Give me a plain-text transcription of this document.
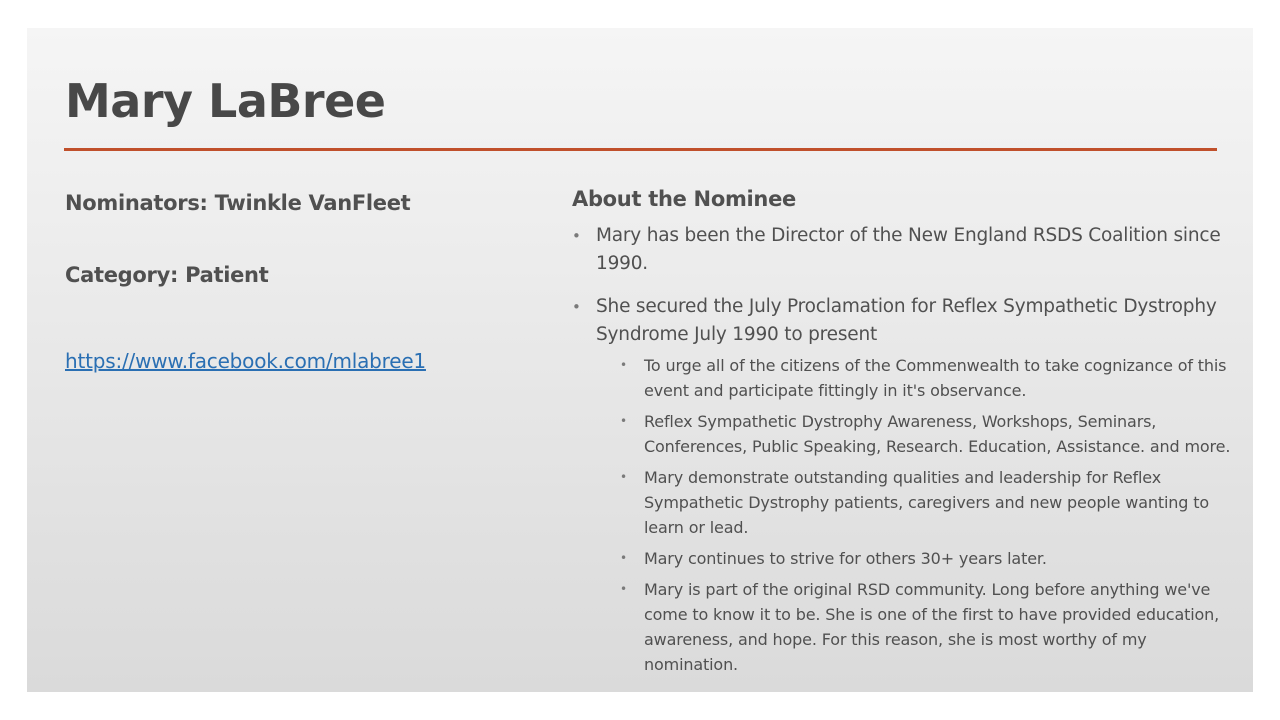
Mary LaBree

Nominators: Twinkle VanFleet

Category: Patient

https://www.facebook.com/mlabree1
About the Nominee
• Mary has been the Director of the New England RSDS Coalition since 1990.
• She secured the July Proclamation for Reflex Sympathetic Dystrophy Syndrome July 1990 to present
• To urge all of the citizens of the Commenwealth to take cognizance of this event and participate fittingly in it's observance.
• Reflex Sympathetic Dystrophy Awareness, Workshops, Seminars, Conferences, Public Speaking, Research. Education, Assistance. and more.
• Mary demonstrate outstanding qualities and leadership for Reflex Sympathetic Dystrophy patients, caregivers and new people wanting to learn or lead.
• Mary continues to strive for others 30+ years later.
• Mary is part of the original RSD community. Long before anything we've come to know it to be. She is one of the first to have provided education, awareness, and hope. For this reason, she is most worthy of my nomination.
